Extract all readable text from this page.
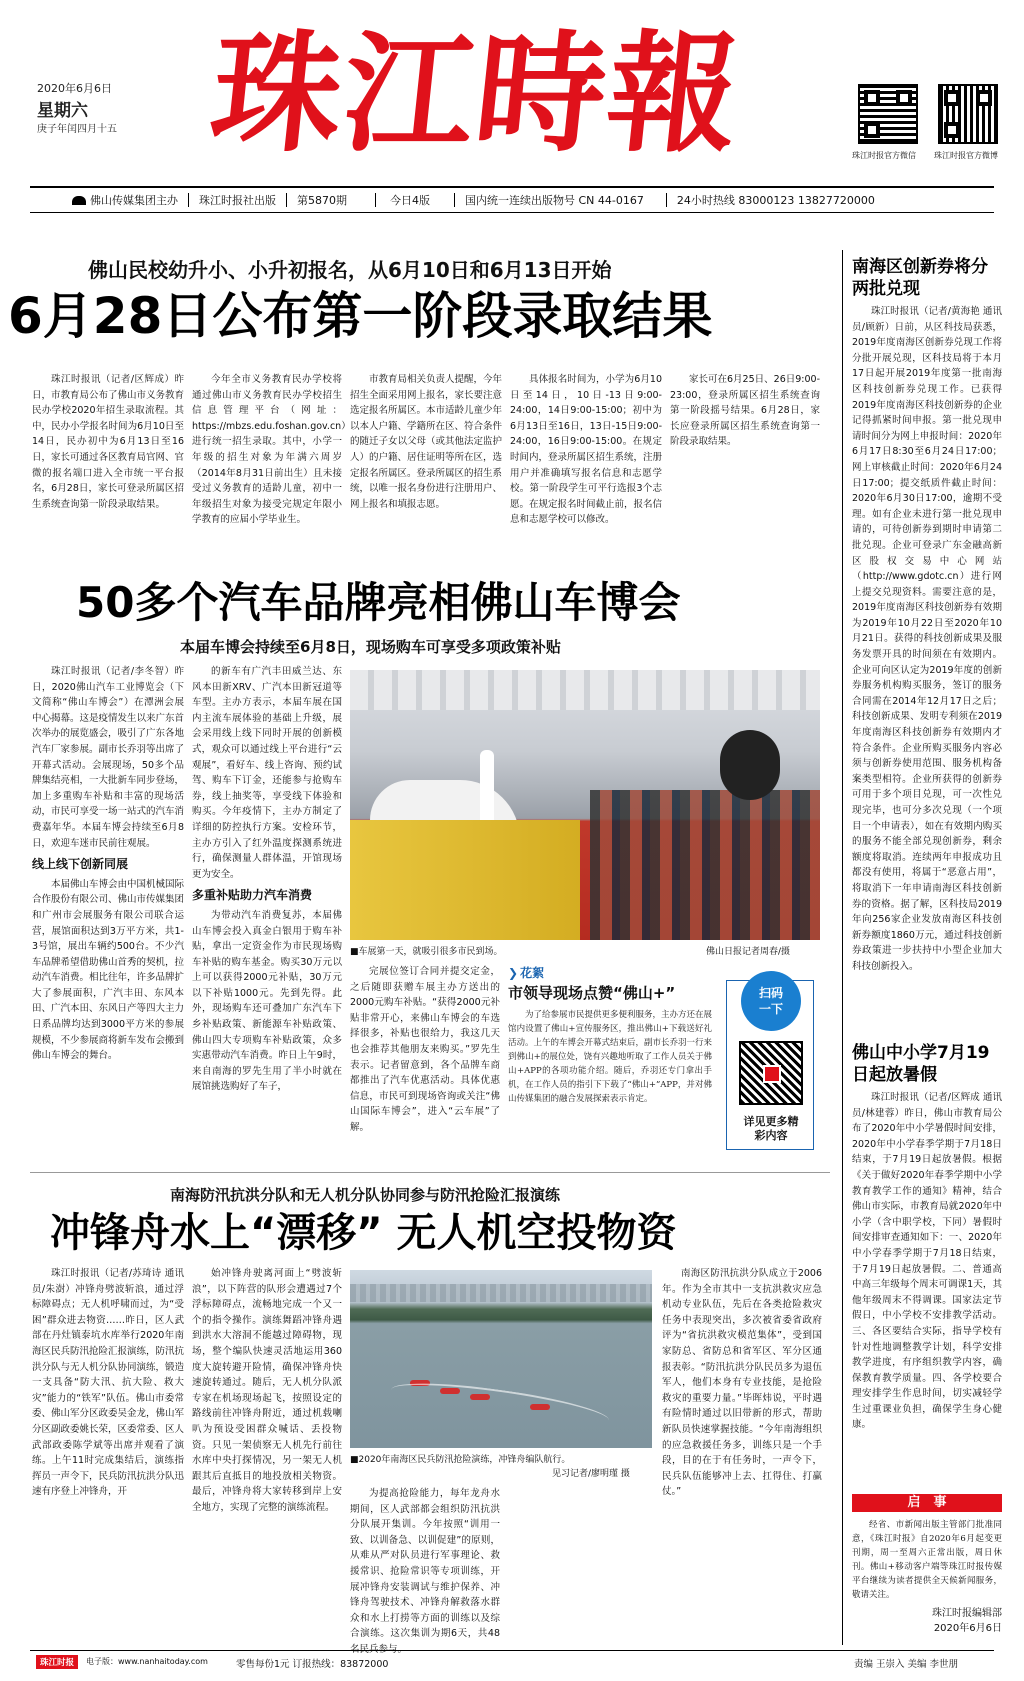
2020年6月6日
星期六
庚子年闰四月十五 珠江時報	珠江时报官方微信 珠江时报官方微博
佛山传媒集团主办 珠江时报社出版 第5870期	今日4版	国内统一连续出版物号 CN 44-0167	24小时热线 83000123 13827720000
佛山民校幼升小、小升初报名，从6月10日和6月13日开始
6月28日公布第一阶段录取结果
珠江时报讯（记者/区辉成）昨日，市教育局公布了佛山市义务教育民办学校2020年招生录取流程。其中，民办小学报名时间为6月10日至14日，民办初中为6月13日至16日，家长可通过各区教育局官网、官微的报名端口进入全市统一平台报名，6月28日，家长可登录所属区招生系统查询第一阶段录取结果。
今年全市义务教育民办学校将通过佛山市义务教育民办学校招生信息管理平台（网址：https://mbzs.edu.foshan.gov.cn）进行统一招生录取。其中，小学一年级的招生对象为年满六周岁（2014年8月31日前出生）且未接受过义务教育的适龄儿童，初中一年级招生对象为接受完规定年限小学教育的应届小学毕业生。
市教育局相关负责人提醒，今年招生全面采用网上报名，家长要注意选定报名所属区。本市适龄儿童少年以本人户籍、学籍所在区、符合条件的随迁子女以父母（或其他法定监护人）的户籍、居住证明等所在区，选定报名所属区。登录所属区的招生系统，以唯一报名身份进行注册用户、网上报名和填报志愿。
具体报名时间为，小学为6月10日至14日，10日-13日9:00-24:00，14日9:00-15:00；初中为6月13日至16日，13日-15日9:00-24:00，16日9:00-15:00。在规定时间内，登录所属区招生系统，注册用户并准确填写报名信息和志愿学校。第一阶段学生可平行选报3个志愿。在规定报名时间截止前，报名信息和志愿学校可以修改。
家长可在6月25日、26日9:00-23:00，登录所属区招生系统查询第一阶段摇号结果。6月28日，家长应登录所属区招生系统查询第一阶段录取结果。
50多个汽车品牌亮相佛山车博会
本届车博会持续至6月8日，现场购车可享受多项政策补贴

珠江时报讯（记者/李冬智）昨日，2020佛山汽车工业博览会（下文简称“佛山车博会”）在潭洲会展中心揭幕。这是疫情发生以来广东首次举办的展览盛会，吸引了广东各地汽车厂家参展。副市长乔羽等出席了开幕式活动。会展现场，50多个品牌集结亮相，一大批新车同步登场，加上多重购车补贴和丰富的现场活动，市民可享受一场一站式的汽车消费嘉年华。本届车博会持续至6月8日，欢迎车迷市民前往观展。

线上线下创新同展

本届佛山车博会由中国机械国际合作股份有限公司、佛山市传媒集团和广州市会展服务有限公司联合运营，展馆面积达到3万平方米，共1-3号馆，展出车辆约500台。不少汽车品牌希望借助佛山首秀的契机，拉动汽车消费。相比往年，许多品牌扩大了参展面积，广汽丰田、东风本田、广汽本田、东风日产等四大主力日系品牌均达到3000平方米的参展规模，不少参展商将新车发布会搬到佛山车博会的舞台。

的新车有广汽丰田威兰达、东风本田新XRV、广汽本田新冠道等车型。主办方表示，本届车展在国内主流车展体验的基础上升级，展会采用线上线下同时开展的创新模式，观众可以通过线上平台进行“云观展”，看好车、线上咨询、预约试驾、购车下订金，还能参与抢购车券，线上抽奖等，享受线下体验和购买。今年疫情下，主办方制定了详细的防控执行方案。安检环节，主办方引入了红外温度探测系统进行，确保测量人群体温，开馆现场更为安全。

多重补贴助力汽车消费

为带动汽车消费复苏，本届佛山车博会投入真金白银用于购车补贴，拿出一定资金作为市民现场购车补贴的购车基金。购买30万元以上可以获得2000元补贴，30万元以下补贴1000元。先到先得。此外，现场购车还可叠加广东汽车下乡补贴政策、新能源车补贴政策、佛山四大专项购车补贴政策，众多实惠带动汽车消费。昨日上午9时，来自南海的罗先生用了半小时就在展馆挑选购好了车子，

■车展第一天，就吸引很多市民到场。	佛山日报记者周春/摄
完展位签订合同并提交定金，之后随即获赠车展主办方送出的2000元购车补贴。“获得2000元补贴非常开心，来佛山车博会的车选择很多，补贴也很给力，我这几天也会推荐其他朋友来购买。”罗先生表示。记者留意到，各个品牌车商都推出了汽车优惠活动。具体优惠信息，市民可到现场咨询或关注“佛山国际车博会”，进入“云车展”了解。
❯ 花絮
市领导现场点赞“佛山+”
为了给参展市民提供更多便利服务，主办方还在展馆内设置了佛山+宣传服务区，推出佛山+下载送好礼活动。上午的车博会开幕式结束后，副市长乔羽一行来到佛山+的展位处，饶有兴趣地听取了工作人员关于佛山+APP的各项功能介绍。随后，乔羽还专门拿出手机，在工作人员的指引下下载了“佛山+”APP，并对佛山传媒集团的融合发展探索表示肯定。
扫码一下
详见更多精彩内容
南海防汛抗洪分队和无人机分队协同参与防汛抢险汇报演练
冲锋舟水上“漂移” 无人机空投物资
珠江时报讯（记者/苏琦诗 通讯员/朱澍）冲锋舟劈波斩浪，通过浮标障碍点；无人机呼啸而过，为“受困”群众进去物资……昨日，区人武部在丹灶镇泰坑水库举行2020年南海区民兵防汛抢险汇报演练，防汛抗洪分队与无人机分队协同演练，锻造一支具备“防大汛、抗大险、救大灾”能力的“铁军”队伍。佛山市委常委、佛山军分区政委吴金龙，佛山军分区副政委姚长荣，区委常委、区人武部政委陈学斌等出席并观看了演练。上午11时完成集结后，演练指挥员一声令下，民兵防汛抗洪分队迅速有序登上冲锋舟，开
始冲锋舟驶离河面上“劈波斩浪”，以下阵营的队形会遭遇过7个浮标障碍点，流畅地完成一个又一个的指令操作。演练舞蹈冲锋舟遇到洪水大溶洞不能越过障碍物，现场，整个编队快速灵活地运用360度大旋转避开险情，确保冲锋舟快速旋转通过。随后，无人机分队派专家在机场现场起飞，按照设定的路线前往冲锋舟附近，通过机载喇叭为预设受困群众喊话、丢投物资。只见一架侦察无人机先行前往水库中央打探情况，另一架无人机跟其后直抵目的地投放相关物资。最后，冲锋舟将大家转移到岸上安全地方，实现了完整的演练流程。
■2020年南海区民兵防汛抢险演练，冲锋舟编队航行。
见习记者/廖明瑾 摄
为提高抢险能力，每年龙舟水期间，区人武部都会组织防汛抗洪分队展开集训。今年按照“训用一致、以训备急、以训促建”的原则，从难从严对队员进行军事理论、救援常识、抢险常识等专项训练，开展冲锋舟安装调试与维护保养、冲锋舟驾驶技术、冲锋舟解救落水群众和水上打捞等方面的训练以及综合演练。这次集训为期6天，共48
南海区防汛抗洪分队成立于2006年。作为全市其中一支抗洪救灾应急机动专业队伍，先后在各类抢险救灾任务中表现突出，多次被省委省政府评为“省抗洪救灾模范集体”，受到国家防总、省防总和省军区、军分区通报表彰。“防汛抗洪分队民员多为退伍军人，他们本身有专业技能，是抢险救灾的重要力量。”毕晖炜说，平时遇有险情时通过以旧带新的形式，帮助新队员快速掌握技能。“今年南海组织的应急救援任务多，训练只是一个手段，目的在于有任务时，一声令下，民兵队伍能够冲上去、扛得住、打赢仗。”
南海区创新券将分两批兑现
珠江时报讯（记者/黄海艳 通讯员/顾新）日前，从区科技局获悉，2019年度南海区创新券兑现工作将分批开展兑现，区科技局将于本月17日起开展2019年度第一批南海区科技创新券兑现工作。已获得2019年度南海区科技创新券的企业记得抓紧时间申报。第一批兑现申请时间分为网上申报时间：2020年6月17日8:30至6月24日17:00；网上审核截止时间：2020年6月24日17:00；提交纸质件截止时间：2020年6月30日17:00，逾期不受理。如有企业未进行第一批兑现申请的，可待创新券到期时申请第二批兑现。企业可登录广东金融高新区股权交易中心网站（http://www.gdotc.cn）进行网上提交兑现资料。需要注意的是，2019年度南海区科技创新券有效期为2019年10月22日至2020年10月21日。获得的科技创新成果及服务发票开具的时间须在有效期内。企业可向区认定为2019年度的创新券服务机构购买服务，签订的服务合同需在2014年12月17日之后；科技创新成果、发明专利须在2019年度南海区科技创新券有效期内才符合条件。企业所购买服务内容必须与创新券使用范围、服务机构备案类型相符。企业所获得的创新券可用于多个项目兑现，可一次性兑现完毕，也可分多次兑现（一个项目一个申请表），如在有效期内购买的服务不能全部兑现创新券，剩余额度将取消。连续两年申报成功且都没有使用，将属于“恶意占用”，将取消下一年申请南海区科技创新券的资格。据了解，区科技局2019年向256家企业发放南海区科技创新券额度1860万元，通过科技创新券政策进一步扶持中小型企业加大科技创新投入。
佛山中小学7月19日起放暑假
珠江时报讯（记者/区辉成 通讯员/林建蓉）昨日，佛山市教育局公布了2020年中小学暑假时间安排，2020年中小学春季学期于7月18日结束，于7月19日起放暑假。根据《关于做好2020年春季学期中小学教育教学工作的通知》精神，结合佛山市实际，市教育局就2020年中小学（含中职学校，下同）暑假时间安排审查通知如下：一、2020年中小学春季学期于7月18日结束，于7月19日起放暑假。二、普通高中高三年级每个周末可调课1天，其他年级周末不得调课。国家法定节假日，中小学校不安排教学活动。三、各区要结合实际，指导学校有针对性地调整教学计划，科学安排教学进度，有序组织教学内容，确保教育教学质量。四、各学校要合理安排学生作息时间，切实减轻学生过重课业负担，确保学生身心健康。
启　事
经省、市新闻出版主管部门批准同意，《珠江时报》自2020年6月起变更刊期，周一至周六正常出版，周日休刊。佛山+移动客户端等珠江时报传媒平台继续为读者提供全天候新闻服务，敬请关注。
珠江时报编辑部
2020年6月6日
珠江时报	电子版：www.nanhaitoday.com	零售每份1元 订报热线：83872000	责编 王崇入 美编 李世朋
